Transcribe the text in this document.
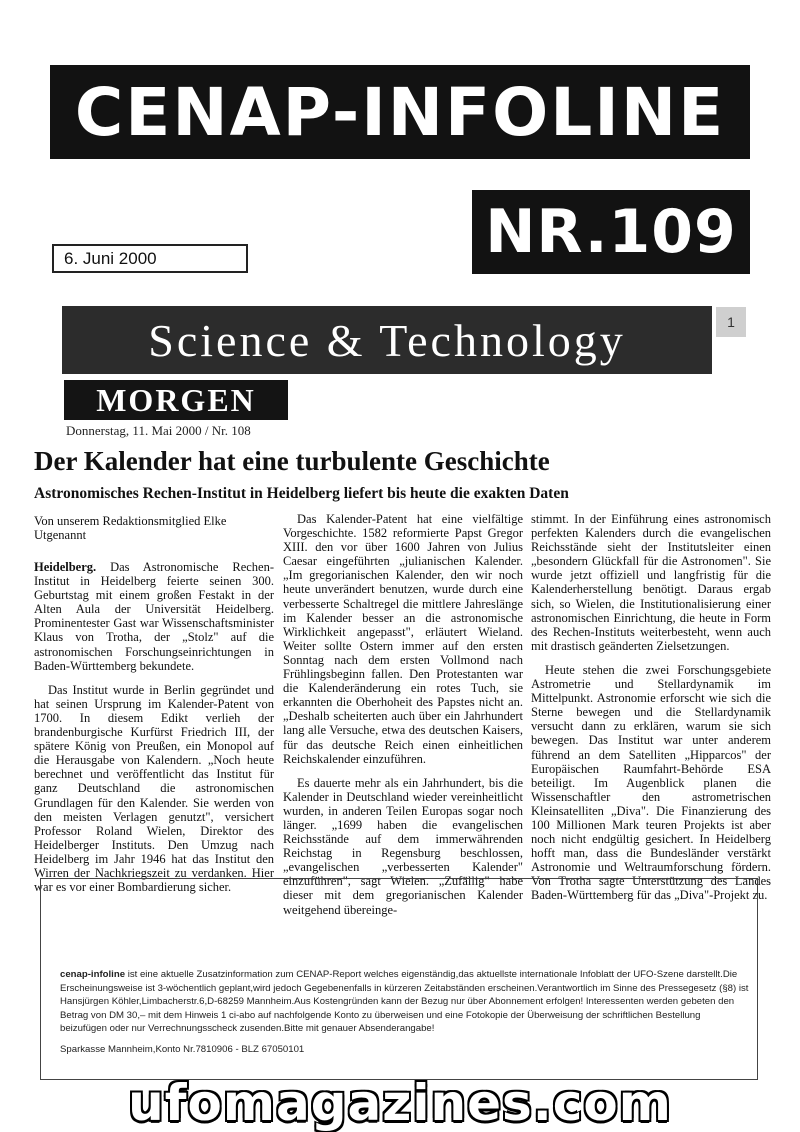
CENAP-INFOLINE
NR.109
6. Juni 2000
Science & Technology	1
MORGEN
Donnerstag, 11. Mai 2000 / Nr. 108
Der Kalender hat eine turbulente Geschichte
Astronomisches Rechen-Institut in Heidelberg liefert bis heute die exakten Daten
Von unserem Redaktionsmitglied Elke Utgenannt

Heidelberg. Das Astronomische Rechen-Institut in Heidelberg feierte seinen 300. Geburtstag mit einem großen Festakt in der Alten Aula der Universität Heidelberg. Prominentester Gast war Wissenschaftsminister Klaus von Trotha, der „Stolz" auf die astronomischen Forschungseinrichtungen in Baden-Württemberg bekundete.

Das Institut wurde in Berlin gegründet und hat seinen Ursprung im Kalender-Patent von 1700. In diesem Edikt verlieh der brandenburgische Kurfürst Friedrich III, der spätere König von Preußen, ein Monopol auf die Herausgabe von Kalendern. „Noch heute berechnet und veröffentlicht das Institut für ganz Deutschland die astronomischen Grundlagen für den Kalender. Sie werden von den meisten Verlagen genutzt", versichert Professor Roland Wielen, Direktor des Heidelberger Instituts. Den Umzug nach Heidelberg im Jahr 1946 hat das Institut den Wirren der Nachkriegszeit zu verdanken. Hier war es vor einer Bombardierung sicher.

Das Kalender-Patent hat eine vielfältige Vorgeschichte. 1582 reformierte Papst Gregor XIII. den vor über 1600 Jahren von Julius Caesar eingeführten „julianischen Kalender. „Im gregorianischen Kalender, den wir noch heute unverändert benutzen, wurde durch eine verbesserte Schaltregel die mittlere Jahreslänge im Kalender besser an die astronomische Wirklichkeit angepasst", erläutert Wieland. Weiter sollte Ostern immer auf den ersten Sonntag nach dem ersten Vollmond nach Frühlingsbeginn fallen. Den Protestanten war die Kalenderänderung ein rotes Tuch, sie erkannten die Oberhoheit des Papstes nicht an. „Deshalb scheiterten auch über ein Jahrhundert lang alle Versuche, etwa des deutschen Kaisers, für das deutsche Reich einen einheitlichen Reichskalender einzuführen.

Es dauerte mehr als ein Jahrhundert, bis die Kalender in Deutschland wieder vereinheitlicht wurden, in anderen Teilen Europas sogar noch länger. „1699 haben die evangelischen Reichsstände auf dem immerwährenden Reichstag in Regensburg beschlossen, „evangelischen „verbesserten Kalender" einzuführen", sagt Wielen. „Zufällig" habe dieser mit dem gregorianischen Kalender weitgehend übereinge-

stimmt. In der Einführung eines astronomisch perfekten Kalenders durch die evangelischen Reichsstände sieht der Institutsleiter einen „besondern Glückfall für die Astronomen". Sie wurde jetzt offiziell und langfristig für die Kalenderherstellung benötigt. Daraus ergab sich, so Wielen, die Institutionalisierung einer astronomischen Einrichtung, die heute in Form des Rechen-Instituts weiterbesteht, wenn auch mit drastisch geänderten Zielsetzungen.

Heute stehen die zwei Forschungsgebiete Astrometrie und Stellardynamik im Mittelpunkt. Astronomie erforscht wie sich die Sterne bewegen und die Stellardynamik versucht dann zu erklären, warum sie sich bewegen. Das Institut war unter anderem führend an dem Satelliten „Hipparcos" der Europäischen Raumfahrt-Behörde ESA beteiligt. Im Augenblick planen die Wissenschaftler den astrometrischen Kleinsatelliten „Diva". Die Finanzierung des 100 Millionen Mark teuren Projekts ist aber noch nicht endgültig gesichert. In Heidelberg hofft man, dass die Bundesländer verstärkt Astronomie und Weltraumforschung fördern. Von Trotha sagte Unterstützung des Landes Baden-Württemberg für das „Diva"-Projekt zu.

cenap-infoline ist eine aktuelle Zusatzinformation zum CENAP-Report welches eigenständig,das aktuellste internationale Infoblatt der UFO-Szene darstellt.Die Erscheinungsweise ist 3-wöchentlich geplant,wird jedoch Gegebenenfalls in kürzeren Zeitabständen erscheinen.Verantwortlich im Sinne des Pressegesetz (§8) ist Hansjürgen Köhler,Limbacherstr.6,D-68259 Mannheim.Aus Kostengründen kann der Bezug nur über Abonnement erfolgen! Interessenten werden gebeten den Betrag von DM 30,– mit dem Hinweis 1 ci-abo auf nachfolgende Konto zu überweisen und eine Fotokopie der Überweisung der schriftlichen Bestellung beizufügen oder nur Verrechnungsscheck zusenden.Bitte mit genauer Absenderangabe!
Sparkasse Mannheim,Konto Nr.7810906 - BLZ 67050101
ufomagazines.com
